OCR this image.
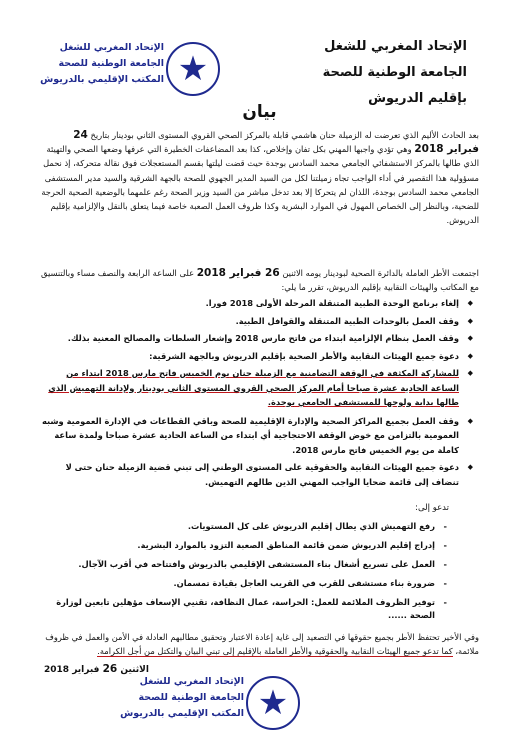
الإتحاد المغربي للشغل
الجامعة الوطنية للصحة
بإقليم الدريوش
★
الإتحاد المغربي للشغل
الجامعة الوطنية للصحة
المكتب الإقليمي بالدريوش
بيان

بعد الحادث الأليم الذي تعرضت له الزميلة حنان هاشمي قابلة بالمركز الصحي القروي المستوى الثاني بودينار بتاريخ 24 فبراير 2018 وهي تؤدي واجبها المهني بكل تفان وإخلاص، كذا بعد المضاعفات الخطيرة التي عرفها وضعها الصحي والتهيئة الذي طالها بالمركز الاستشفائي الجامعي محمد السادس بوجدة حيث قضت ليلتها بقسم المستعجلات فوق نقالة متحركة، إذ نحمل مسؤولية هذا التقصير في أداء الواجب تجاه زميلتنا لكل من السيد المدير الجهوي للصحة بالجهة الشرقية والسيد مدير المستشفى الجامعي محمد السادس بوجدة، اللذان لم يتحركا إلا بعد تدخل مباشر من السيد وزير الصحة رغم علمهما بالوضعية الصحية الحرجة للضحية، وبالنظر إلى الخصاص المهول في الموارد البشرية وكذا ظروف العمل الصعبة خاصة فيما يتعلق بالنقل والإلزامية بإقليم الدريوش.

اجتمعت الأطر العاملة بالدائرة الصحية لبودينار يومه الاثنين 26 فبراير 2018 على الساعة الرابعة والنصف مساء وبالتنسيق مع المكاتب والهيئات النقابية بإقليم الدريوش، تقرر ما يلي:

◆ إلغاء برنامج الوحدة الطبية المتنقلة المرحلة الأولى 2018 فورا.
◆ وقف العمل بالوحدات الطبية المتنقلة والقوافل الطبية.
◆ وقف العمل بنظام الإلزامية ابتداء من فاتح مارس 2018 وإشعار السلطات والمصالح المعنية بذلك.
◆ دعوة جميع الهيئات النقابية والأطر الصحية بإقليم الدريوش وبالجهة الشرقية:
◆ للمشاركة المكثفة في الوقفة التضامنية مع الزميلة حنان يوم الخميس فاتح مارس 2018 ابتداء من الساعة الحادية عشرة صباحا أمام المركز الصحي القروي المستوى الثاني بودينار ولإدانة التهميش الذي طالها بداية ولوجها للمستشفى الجامعي بوجدة.
◆ وقف العمل بجميع المراكز الصحية والإدارة الإقليمية للصحة وباقي القطاعات في الإدارة العمومية وشبه العمومية بالتزامن مع خوض الوقفة الاحتجاجية أي ابتداء من الساعة الحادية عشرة صباحا ولمدة ساعة كاملة من يوم الخميس فاتح مارس 2018.
◆ دعوة جميع الهيئات النقابية والحقوقية على المستوى الوطني إلى تبني قضية الزميلة حنان حتى لا تنضاف إلى قائمة ضحايا الواجب المهني الذين طالهم التهميش.
تدعو إلى:
- رفع التهميش الذي يطال إقليم الدريوش على كل المستويات.
- إدراج إقليم الدريوش ضمن قائمة المناطق الصعبة التزود بالموارد البشرية.
- العمل على تسريع أشغال بناء المستشفى الإقليمي بالدريوش وافتتاحه في أقرب الآجال.
- ضرورة بناء مستشفى للقرب في القريب العاجل بقيادة تمسمان.
- توفير الظروف الملائمة للعمل: الحراسة، عمال النظافة، تقنيي الإسعاف مؤهلين تابعين لوزارة الصحة ......

وفي الأخير تحتفظ الأطر بجميع حقوقها في التصعيد إلى غاية إعادة الاعتبار وتحقيق مطالبهم العادلة في الأمن والعمل في ظروف ملائمة، كما تدعو جميع الهيئات النقابية والحقوقية والأطر العاملة بالإقليم إلى تبني البيان والتكتل من أجل الكرامة.

الاثنين 26 فبراير 2018
★
الإتحاد المغربي للشغل
الجامعة الوطنية للصحة
المكتب الإقليمي بالدريوش
